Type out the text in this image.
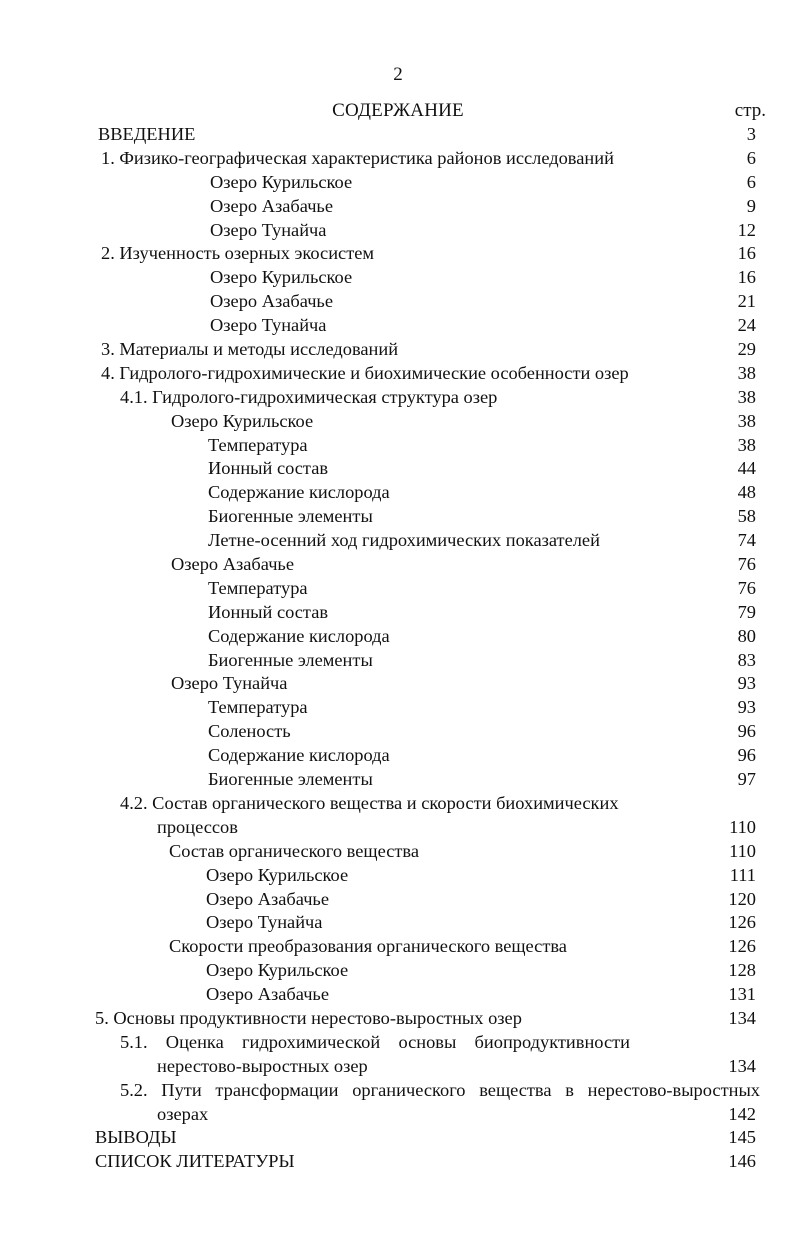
2
СОДЕРЖАНИЕ	стр.
ВВЕДЕНИЕ	3
1. Физико-географическая характеристика районов исследований	6
Озеро Курильское	6
Озеро Азабачье	9
Озеро Тунайча	12
2. Изученность озерных экосистем	16
Озеро Курильское	16
Озеро Азабачье	21
Озеро Тунайча	24
3. Материалы и методы исследований	29
4. Гидролого-гидрохимические и биохимические особенности озер	38
4.1. Гидролого-гидрохимическая структура озер	38
Озеро Курильское	38
Температура	38
Ионный состав	44
Содержание кислорода	48
Биогенные элементы	58
Летне-осенний ход гидрохимических показателей	74
Озеро Азабачье	76
Температура	76
Ионный состав	79
Содержание кислорода	80
Биогенные элементы	83
Озеро Тунайча	93
Температура	93
Соленость	96
Содержание кислорода	96
Биогенные элементы	97
4.2. Состав органического вещества и скорости биохимических
процессов	110
Состав органического вещества	110
Озеро Курильское	111
Озеро Азабачье	120
Озеро Тунайча	126
Скорости преобразования органического вещества	126
Озеро Курильское	128
Озеро Азабачье	131
5. Основы продуктивности нерестово-выростных озер	134
5.1. Оценка гидрохимической основы биопродуктивности
нерестово-выростных озер	134
5.2. Пути трансформации органического вещества в нерестово-выростных
озерах	142
ВЫВОДЫ	145
СПИСОК ЛИТЕРАТУРЫ	146
